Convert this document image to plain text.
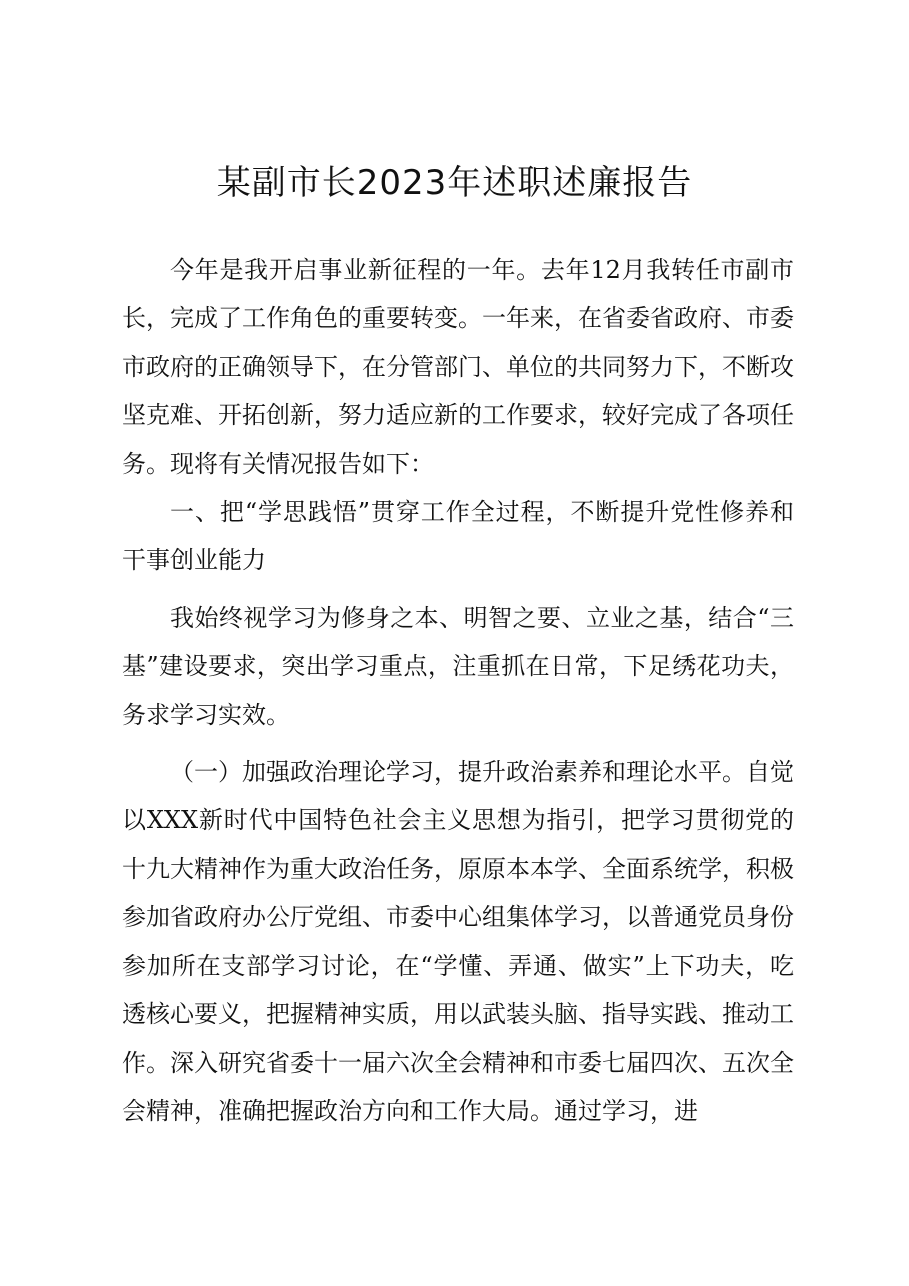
某副市长2023年述职述廉报告

今年是我开启事业新征程的一年。去年12月我转任市副市长，完成了工作角色的重要转变。一年来，在省委省政府、市委市政府的正确领导下，在分管部门、单位的共同努力下，不断攻坚克难、开拓创新，努力适应新的工作要求，较好完成了各项任务。现将有关情况报告如下：

一、把“学思践悟”贯穿工作全过程，不断提升党性修养和干事创业能力

我始终视学习为修身之本、明智之要、立业之基，结合“三基”建设要求，突出学习重点，注重抓在日常，下足绣花功夫，务求学习实效。

（一）加强政治理论学习，提升政治素养和理论水平。自觉以XXX新时代中国特色社会主义思想为指引，把学习贯彻党的十九大精神作为重大政治任务，原原本本学、全面系统学，积极参加省政府办公厅党组、市委中心组集体学习，以普通党员身份参加所在支部学习讨论，在“学懂、弄通、做实”上下功夫，吃透核心要义，把握精神实质，用以武装头脑、指导实践、推动工作。深入研究省委十一届六次全会精神和市委七届四次、五次全会精神，准确把握政治方向和工作大局。通过学习，进
